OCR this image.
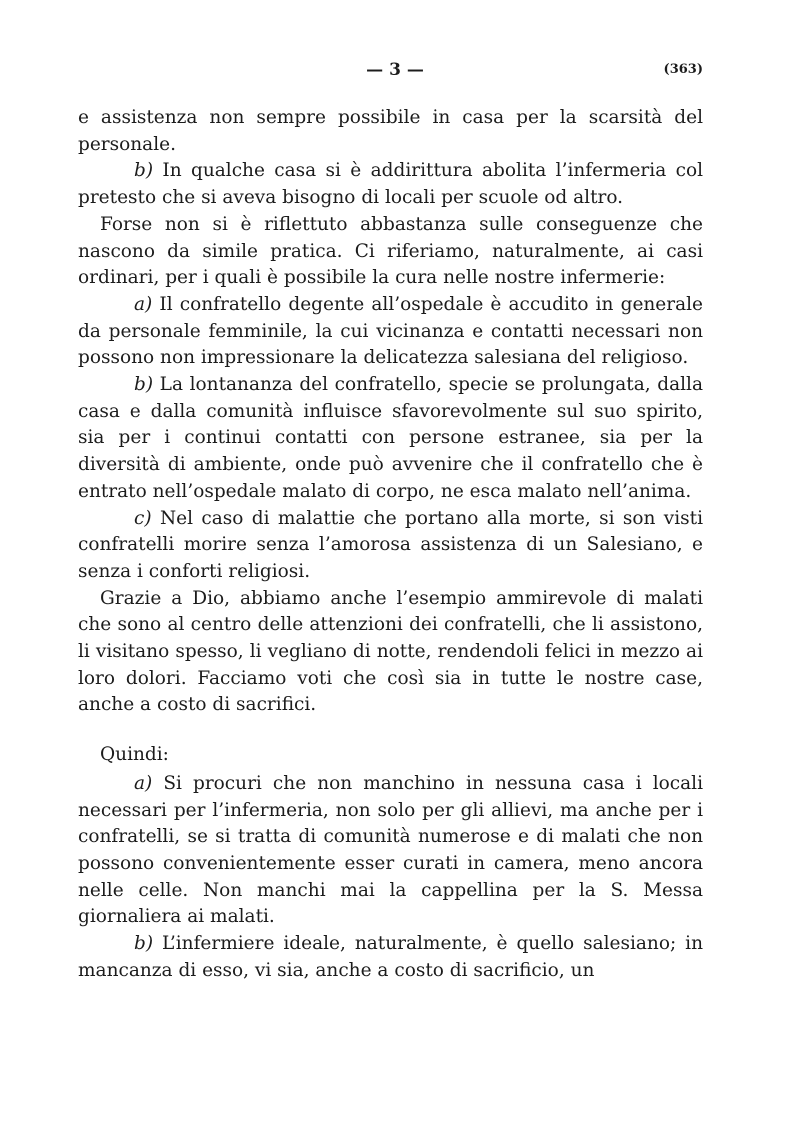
— 3 —	(363)

e assistenza non sempre possibile in casa per la scarsità del personale.

b) In qualche casa si è addirittura abolita l’infermeria col pretesto che si aveva bisogno di locali per scuole od altro.

Forse non si è riflettuto abbastanza sulle conseguenze che nascono da simile pratica. Ci riferiamo, naturalmente, ai casi ordinari, per i quali è possibile la cura nelle nostre infermerie:

a) Il confratello degente all’ospedale è accudito in generale da personale femminile, la cui vicinanza e contatti necessari non possono non impressionare la delicatezza salesiana del religioso.

b) La lontananza del confratello, specie se prolungata, dalla casa e dalla comunità influisce sfavorevolmente sul suo spirito, sia per i continui contatti con persone estranee, sia per la diversità di ambiente, onde può avvenire che il confratello che è entrato nell’ospedale malato di corpo, ne esca malato nell’anima.

c) Nel caso di malattie che portano alla morte, si son visti confratelli morire senza l’amorosa assistenza di un Salesiano, e senza i conforti religiosi.

Grazie a Dio, abbiamo anche l’esempio ammirevole di malati che sono al centro delle attenzioni dei confratelli, che li assistono, li visitano spesso, li vegliano di notte, rendendoli felici in mezzo ai loro dolori. Facciamo voti che così sia in tutte le nostre case, anche a costo di sacrifici.

Quindi:

a) Si procuri che non manchino in nessuna casa i locali necessari per l’infermeria, non solo per gli allievi, ma anche per i confratelli, se si tratta di comunità numerose e di malati che non possono convenientemente esser curati in camera, meno ancora nelle celle. Non manchi mai la cappellina per la S. Messa giornaliera ai malati.

b) L’infermiere ideale, naturalmente, è quello salesiano; in mancanza di esso, vi sia, anche a costo di sacrificio, un
